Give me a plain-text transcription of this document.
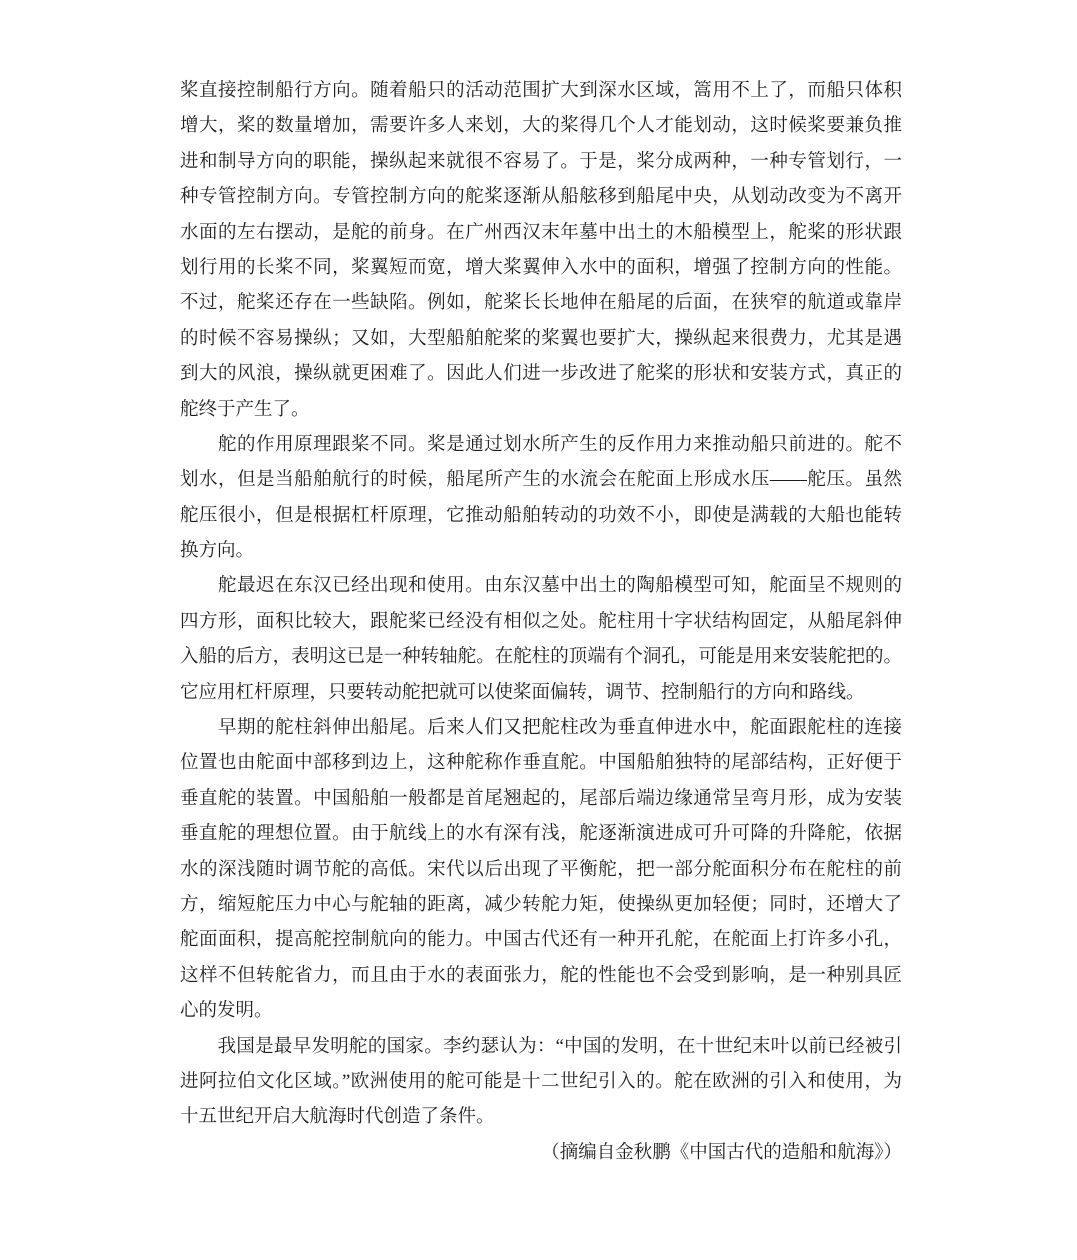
桨直接控制船行方向。随着船只的活动范围扩大到深水区域，篙用不上了，而船只体积
增大，桨的数量增加，需要许多人来划，大的桨得几个人才能划动，这时候桨要兼负推
进和制导方向的职能，操纵起来就很不容易了。于是，桨分成两种，一种专管划行，一
种专管控制方向。专管控制方向的舵桨逐渐从船舷移到船尾中央，从划动改变为不离开
水面的左右摆动，是舵的前身。在广州西汉末年墓中出土的木船模型上，舵桨的形状跟
划行用的长桨不同，桨翼短而宽，增大桨翼伸入水中的面积，增强了控制方向的性能。
不过，舵桨还存在一些缺陷。例如，舵桨长长地伸在船尾的后面，在狭窄的航道或靠岸
的时候不容易操纵；又如，大型船舶舵桨的桨翼也要扩大，操纵起来很费力，尤其是遇
到大的风浪，操纵就更困难了。因此人们进一步改进了舵桨的形状和安装方式，真正的
舵终于产生了。
　　舵的作用原理跟桨不同。桨是通过划水所产生的反作用力来推动船只前进的。舵不
划水，但是当船舶航行的时候，船尾所产生的水流会在舵面上形成水压——舵压。虽然
舵压很小，但是根据杠杆原理，它推动船舶转动的功效不小，即使是满载的大船也能转
换方向。
　　舵最迟在东汉已经出现和使用。由东汉墓中出土的陶船模型可知，舵面呈不规则的
四方形，面积比较大，跟舵桨已经没有相似之处。舵柱用十字状结构固定，从船尾斜伸
入船的后方，表明这已是一种转轴舵。在舵柱的顶端有个洞孔，可能是用来安装舵把的。
它应用杠杆原理，只要转动舵把就可以使桨面偏转，调节、控制船行的方向和路线。
　　早期的舵柱斜伸出船尾。后来人们又把舵柱改为垂直伸进水中，舵面跟舵柱的连接
位置也由舵面中部移到边上，这种舵称作垂直舵。中国船舶独特的尾部结构，正好便于
垂直舵的装置。中国船舶一般都是首尾翘起的，尾部后端边缘通常呈弯月形，成为安装
垂直舵的理想位置。由于航线上的水有深有浅，舵逐渐演进成可升可降的升降舵，依据
水的深浅随时调节舵的高低。宋代以后出现了平衡舵，把一部分舵面积分布在舵柱的前
方，缩短舵压力中心与舵轴的距离，减少转舵力矩，使操纵更加轻便；同时，还增大了
舵面面积，提高舵控制航向的能力。中国古代还有一种开孔舵，在舵面上打许多小孔，
这样不但转舵省力，而且由于水的表面张力，舵的性能也不会受到影响，是一种别具匠
心的发明。
　　我国是最早发明舵的国家。李约瑟认为：“中国的发明，在十世纪末叶以前已经被引
进阿拉伯文化区域。”欧洲使用的舵可能是十二世纪引入的。舵在欧洲的引入和使用，为
十五世纪开启大航海时代创造了条件。
（摘编自金秋鹏《中国古代的造船和航海》）
